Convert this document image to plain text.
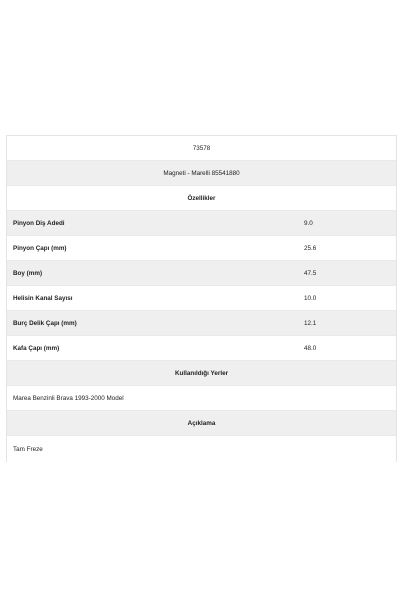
73578
Magneti - Marelli 85541880
Özellikler
Pinyon Diş Adedi	9.0
Pinyon Çapı (mm)	25.6
Boy (mm)	47.5
Helisin Kanal Sayısı	10.0
Burç Delik Çapı (mm)	12.1
Kafa Çapı (mm)	48.0
Kullanıldığı Yerler
Marea Benzinli Brava 1993-2000 Model
Açıklama
Tam Freze
